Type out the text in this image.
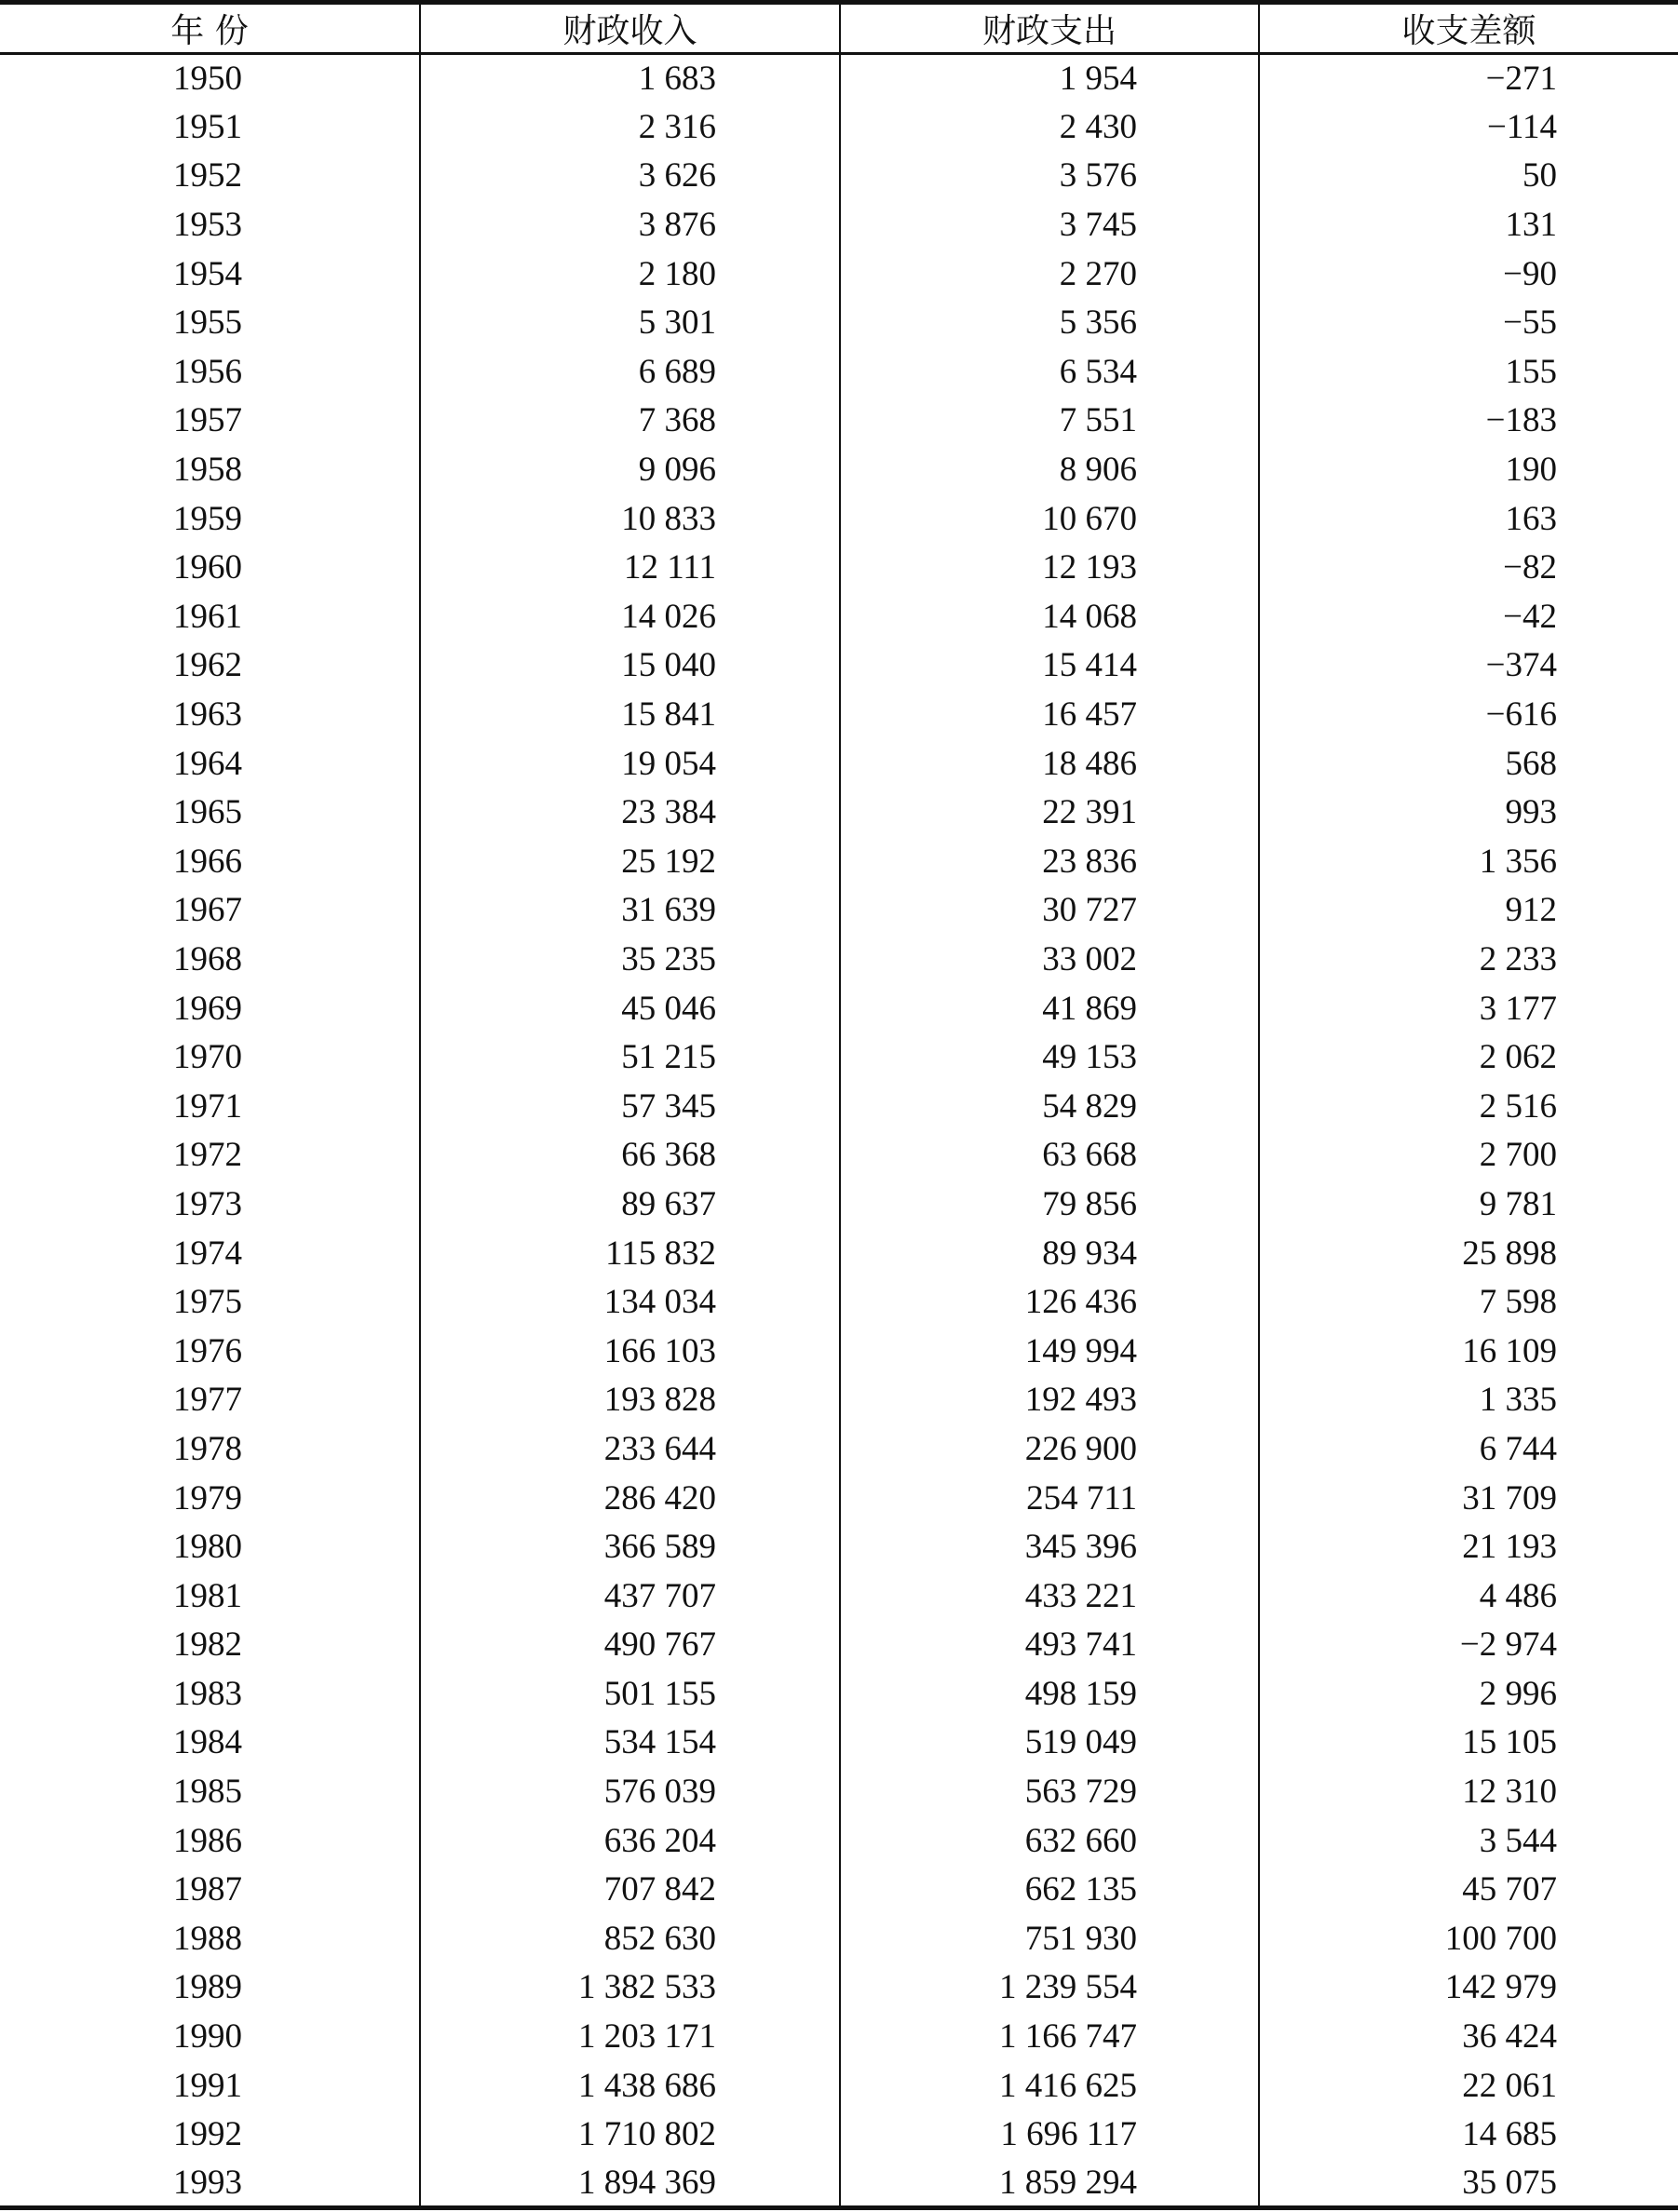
年 份	财政收入	财政支出	收支差额
1950	1 683	1 954	−271
1951	2 316	2 430	−114
1952	3 626	3 576	50
1953	3 876	3 745	131
1954	2 180	2 270	−90
1955	5 301	5 356	−55
1956	6 689	6 534	155
1957	7 368	7 551	−183
1958	9 096	8 906	190
1959	10 833	10 670	163
1960	12 111	12 193	−82
1961	14 026	14 068	−42
1962	15 040	15 414	−374
1963	15 841	16 457	−616
1964	19 054	18 486	568
1965	23 384	22 391	993
1966	25 192	23 836	1 356
1967	31 639	30 727	912
1968	35 235	33 002	2 233
1969	45 046	41 869	3 177
1970	51 215	49 153	2 062
1971	57 345	54 829	2 516
1972	66 368	63 668	2 700
1973	89 637	79 856	9 781
1974	115 832	89 934	25 898
1975	134 034	126 436	7 598
1976	166 103	149 994	16 109
1977	193 828	192 493	1 335
1978	233 644	226 900	6 744
1979	286 420	254 711	31 709
1980	366 589	345 396	21 193
1981	437 707	433 221	4 486
1982	490 767	493 741	−2 974
1983	501 155	498 159	2 996
1984	534 154	519 049	15 105
1985	576 039	563 729	12 310
1986	636 204	632 660	3 544
1987	707 842	662 135	45 707
1988	852 630	751 930	100 700
1989	1 382 533	1 239 554	142 979
1990	1 203 171	1 166 747	36 424
1991	1 438 686	1 416 625	22 061
1992	1 710 802	1 696 117	14 685
1993	1 894 369	1 859 294	35 075
